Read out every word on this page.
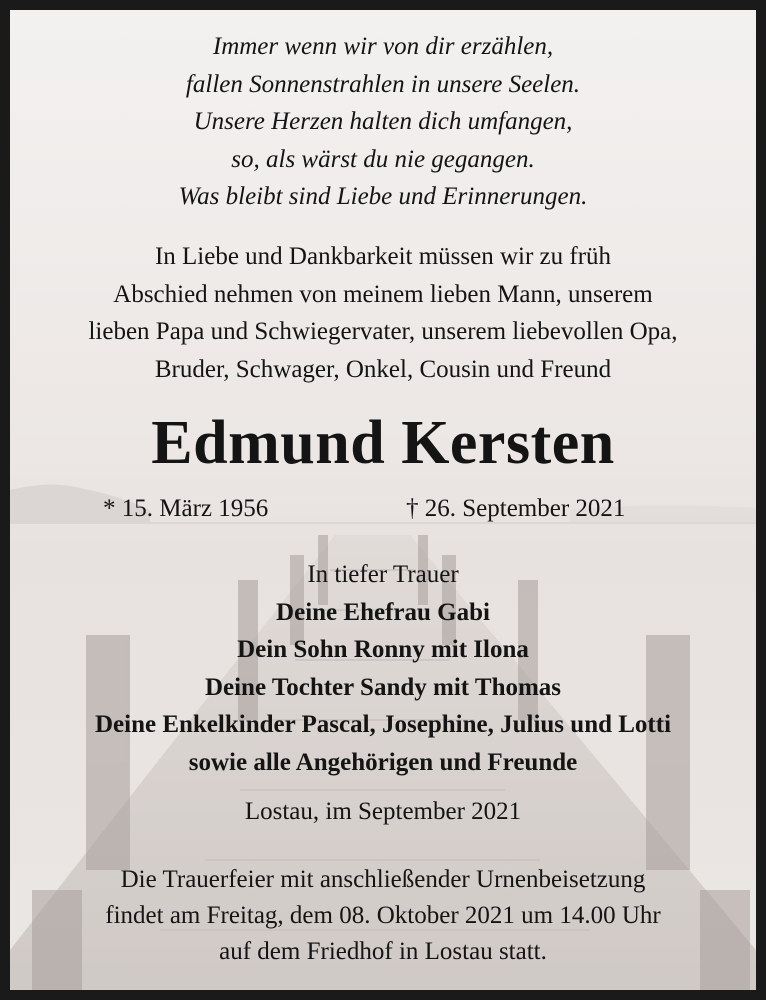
Immer wenn wir von dir erzählen,
fallen Sonnenstrahlen in unsere Seelen.
Unsere Herzen halten dich umfangen,
so, als wärst du nie gegangen.
Was bleibt sind Liebe und Erinnerungen.
In Liebe und Dankbarkeit müssen wir zu früh
Abschied nehmen von meinem lieben Mann, unserem
lieben Papa und Schwiegervater, unserem liebevollen Opa,
Bruder, Schwager, Onkel, Cousin und Freund
Edmund Kersten
* 15. März 1956	† 26. September 2021
In tiefer Trauer
Deine Ehefrau Gabi
Dein Sohn Ronny mit Ilona
Deine Tochter Sandy mit Thomas
Deine Enkelkinder Pascal, Josephine, Julius und Lotti
sowie alle Angehörigen und Freunde
Lostau, im September 2021
Die Trauerfeier mit anschließender Urnenbeisetzung
findet am Freitag, dem 08. Oktober 2021 um 14.00 Uhr
auf dem Friedhof in Lostau statt.
